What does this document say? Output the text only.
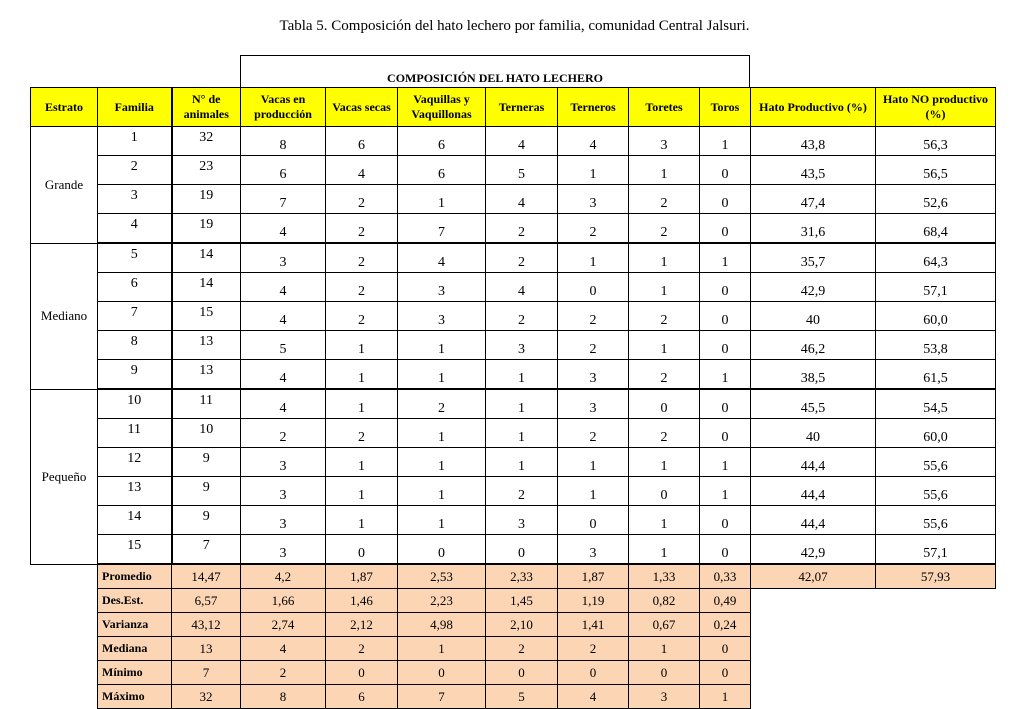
Tabla 5. Composición del hato lechero por familia, comunidad Central Jalsuri.
COMPOSICIÓN DEL HATO LECHERO
Estrato	Familia	N° de animales	Vacas en producción	Vacas secas	Vaquillas y Vaquillonas	Terneras	Terneros	Toretes	Toros	Hato Productivo (%)	Hato NO productivo (%)
Grande	1	32	8	6	6	4	4	3	1	43,8	56,3
	2	23	6	4	6	5	1	1	0	43,5	56,5
	3	19	7	2	1	4	3	2	0	47,4	52,6
	4	19	4	2	7	2	2	2	0	31,6	68,4
Mediano	5	14	3	2	4	2	1	1	1	35,7	64,3
	6	14	4	2	3	4	0	1	0	42,9	57,1
	7	15	4	2	3	2	2	2	0	40	60,0
	8	13	5	1	1	3	2	1	0	46,2	53,8
	9	13	4	1	1	1	3	2	1	38,5	61,5
Pequeño	10	11	4	1	2	1	3	0	0	45,5	54,5
	11	10	2	2	1	1	2	2	0	40	60,0
	12	9	3	1	1	1	1	1	1	44,4	55,6
	13	9	3	1	1	2	1	0	1	44,4	55,6
	14	9	3	1	1	3	0	1	0	44,4	55,6
	15	7	3	0	0	0	3	1	0	42,9	57,1
	Promedio	14,47	4,2	1,87	2,53	2,33	1,87	1,33	0,33	42,07	57,93
	Des.Est.	6,57	1,66	1,46	2,23	1,45	1,19	0,82	0,49		
	Varianza	43,12	2,74	2,12	4,98	2,10	1,41	0,67	0,24		
	Mediana	13	4	2	1	2	2	1	0		
	Mínimo	7	2	0	0	0	0	0	0		
	Máximo	32	8	6	7	5	4	3	1		
